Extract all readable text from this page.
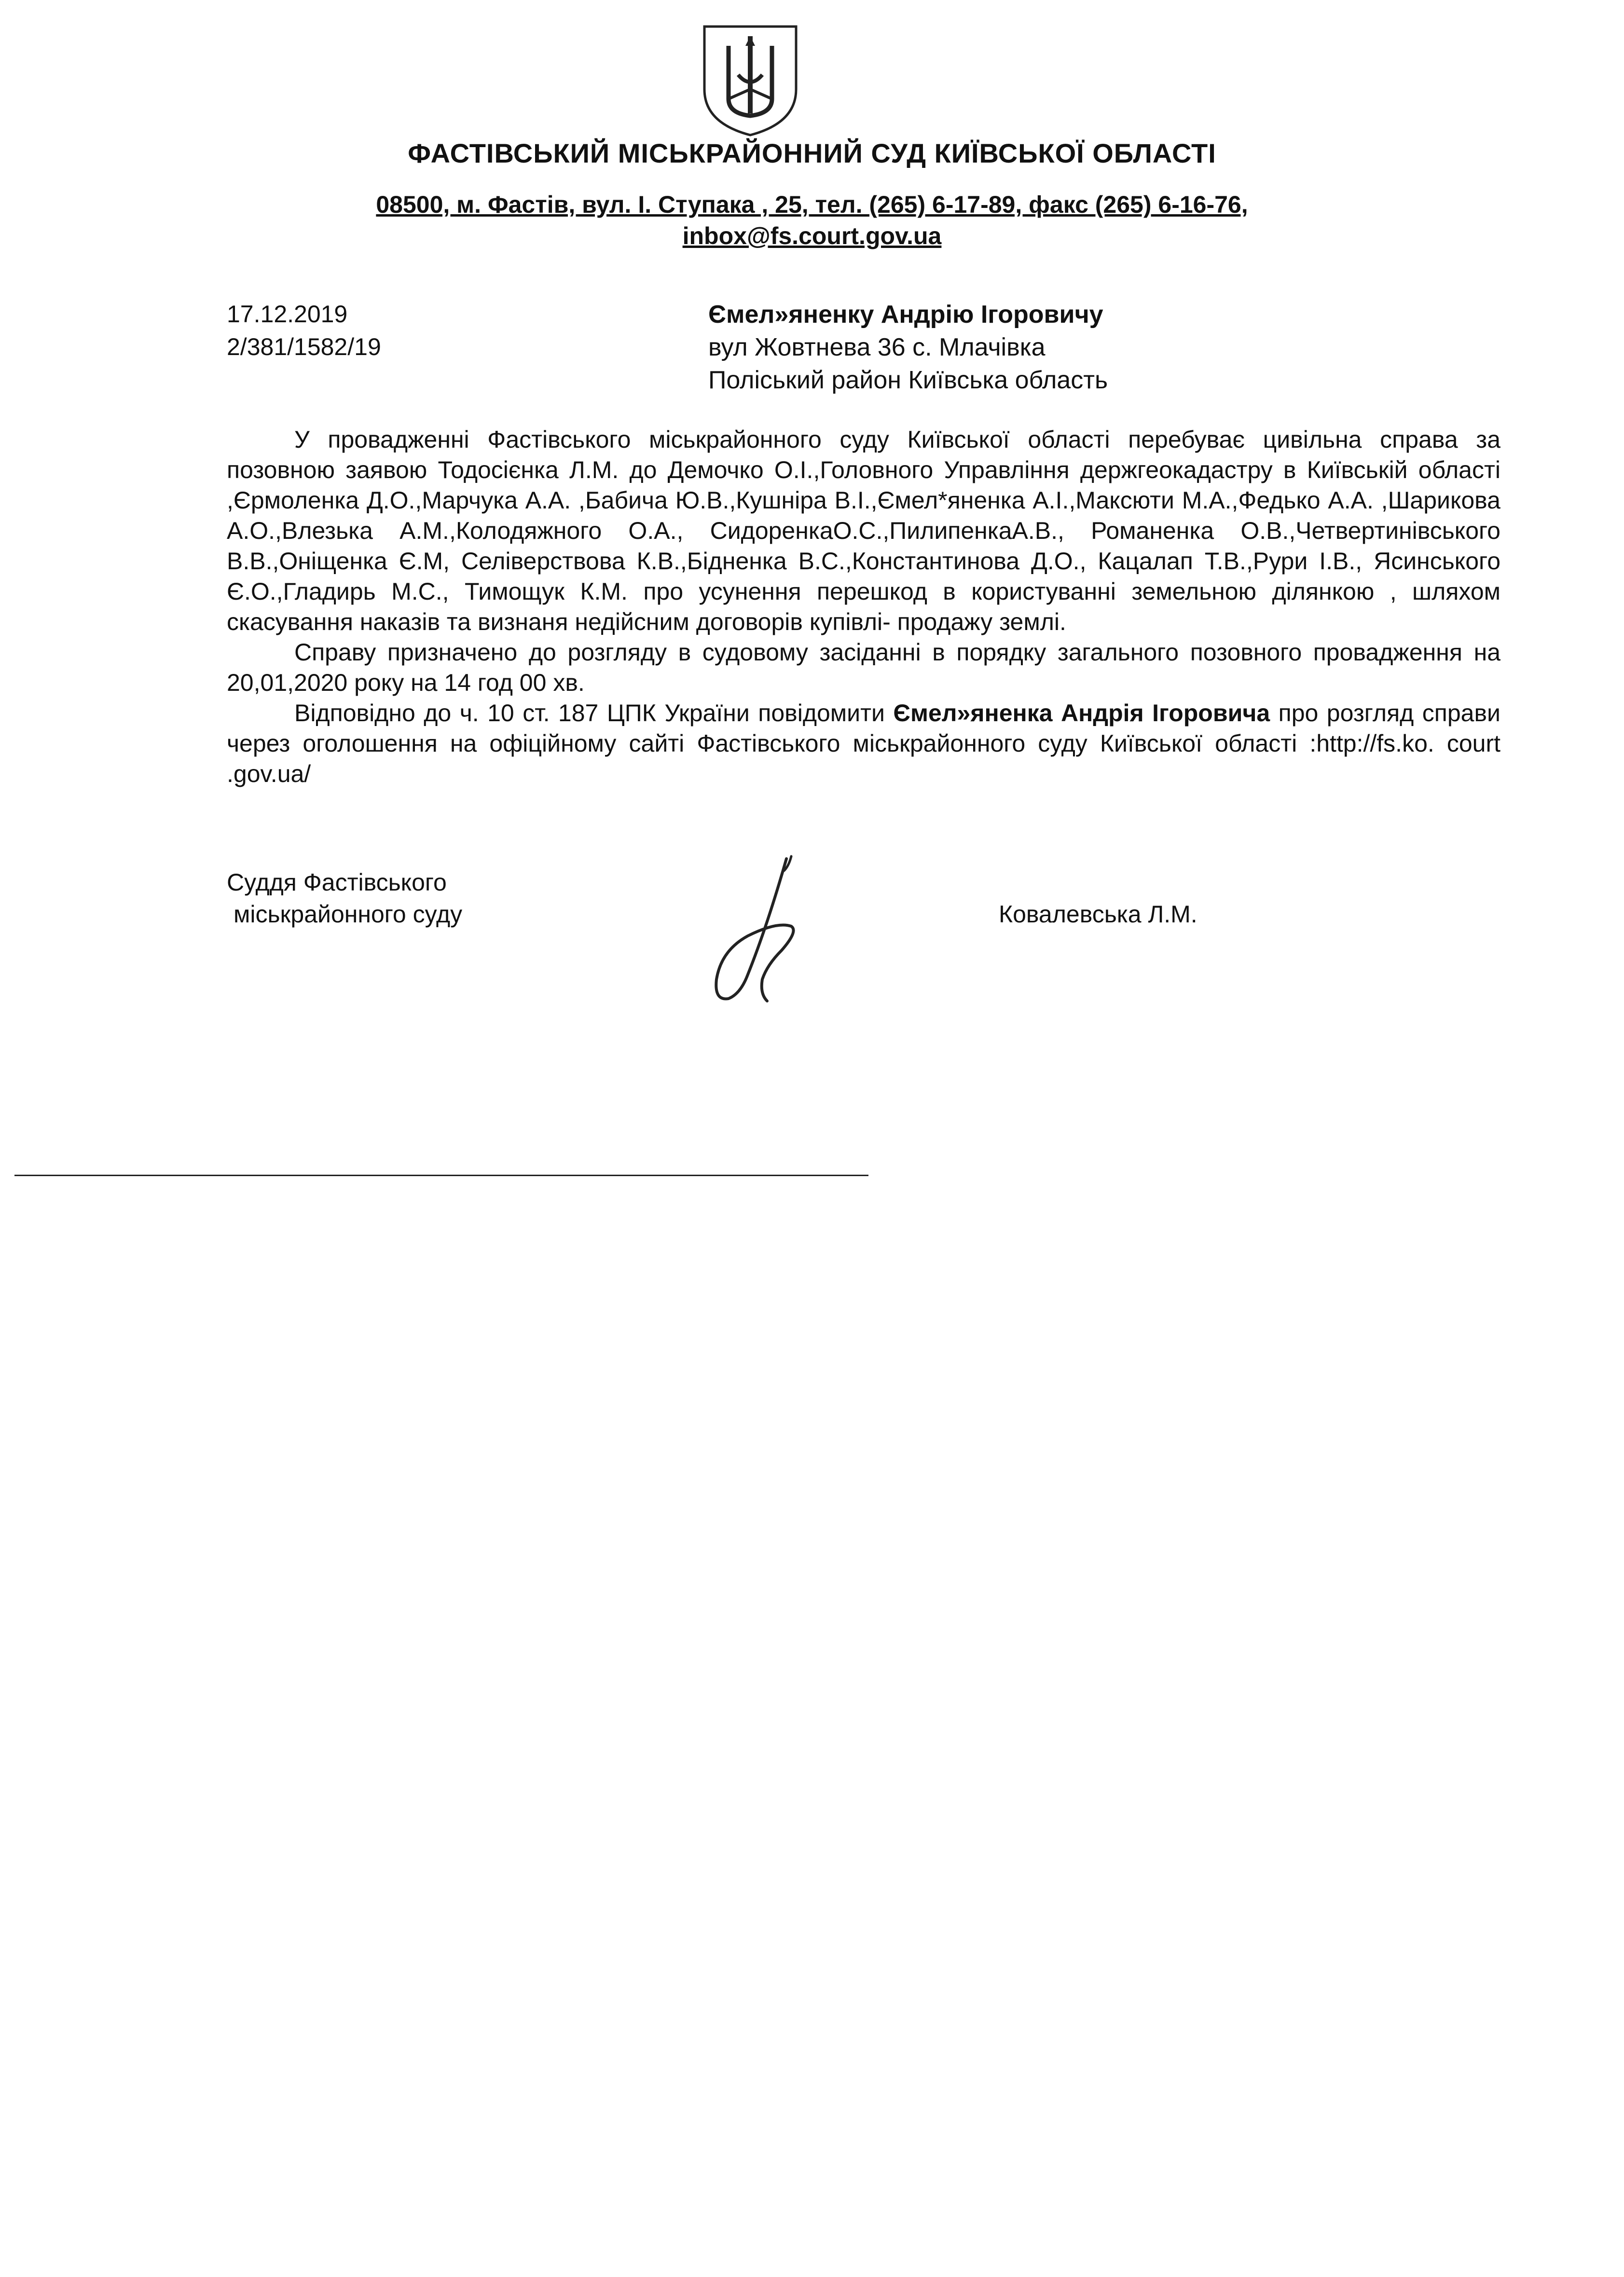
ФАСТІВСЬКИЙ МІСЬКРАЙОННИЙ СУД КИЇВСЬКОЇ ОБЛАСТІ
08500, м. Фастів, вул. І. Ступака , 25, тел. (265) 6-17-89, факс (265) 6-16-76,
inbox@fs.court.gov.ua
17.12.2019
2/381/1582/19
Ємел»яненку Андрію Ігоровичу
вул Жовтнева 36 с. Млачівка
Поліський район Київська область

У провадженні Фастівського міськрайонного суду Київської області перебуває цивільна справа за позовною заявою Тодосієнка Л.М. до Демочко О.І.,Головного Управління держгеокадастру в Київській області ,Єрмоленка Д.О.,Марчука А.А. ,Бабича Ю.В.,Кушніра В.І.,Ємел*яненка А.І.,Максюти М.А.,Федько А.А. ,Шарикова А.О.,Влезька А.М.,Колодяжного О.А., СидоренкаО.С.,ПилипенкаА.В., Романенка О.В.,Четвертинівського В.В.,Оніщенка Є.М, Селіверствова К.В.,Бідненка В.С.,Константинова Д.О., Кацалап Т.В.,Рури І.В., Ясинського Є.О.,Гладирь М.С., Тимощук К.М. про усунення перешкод в користуванні земельною ділянкою , шляхом скасування наказів та визнаня недійсним договорів купівлі- продажу землі.

Справу призначено до розгляду в судовому засіданні в порядку загального позовного провадження на 20,01,2020 року на 14 год 00 хв.

Відповідно до ч. 10 ст. 187 ЦПК України повідомити Ємел»яненка Андрія Ігоровича про розгляд справи через оголошення на офіційному сайті Фастівського міськрайонного суду Київської області :http://fs.ko. court .gov.ua/

Суддя Фастівського
міськрайонного суду	Ковалевська Л.М.
